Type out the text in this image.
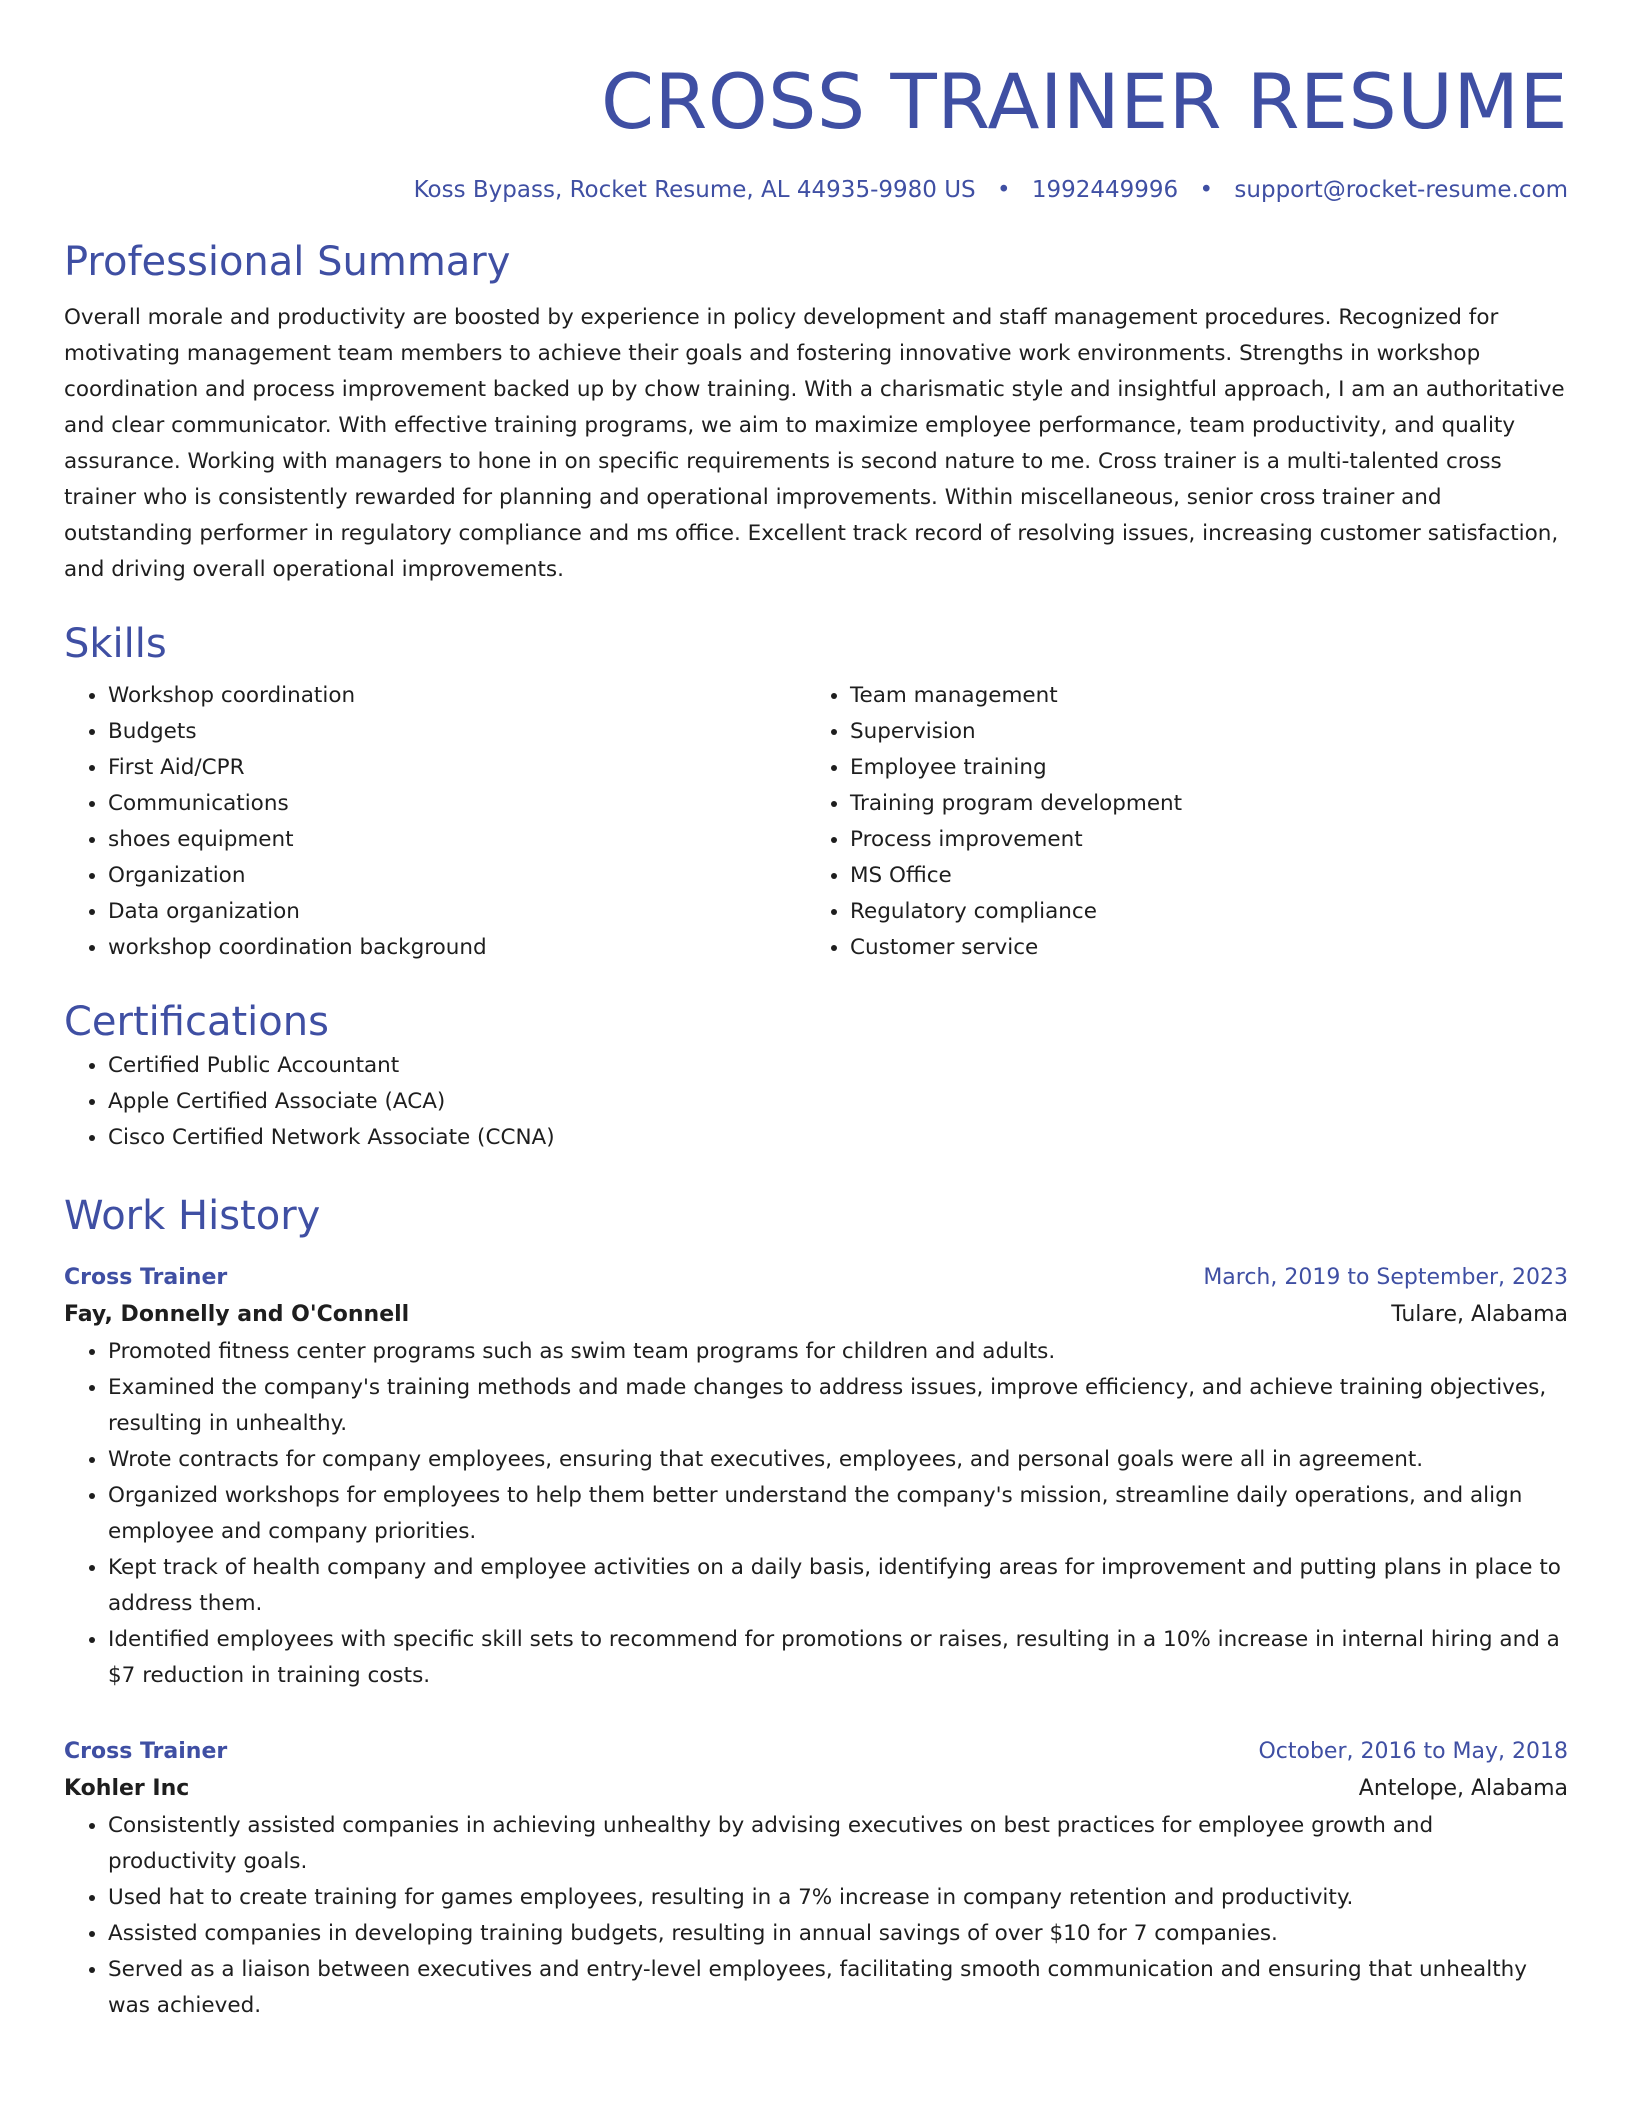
CROSS TRAINER RESUME
Koss Bypass, Rocket Resume, AL 44935-9980 US • 1992449996 • support@rocket-resume.com
Professional Summary
Overall morale and productivity are boosted by experience in policy development and staff management procedures. Recognized for motivating management team members to achieve their goals and fostering innovative work environments. Strengths in workshop coordination and process improvement backed up by chow training. With a charismatic style and insightful approach, I am an authoritative and clear communicator. With effective training programs, we aim to maximize employee performance, team productivity, and quality assurance. Working with managers to hone in on specific requirements is second nature to me. Cross trainer is a multi-talented cross trainer who is consistently rewarded for planning and operational improvements. Within miscellaneous, senior cross trainer and outstanding performer in regulatory compliance and ms office. Excellent track record of resolving issues, increasing customer satisfaction, and driving overall operational improvements.
Skills
• Workshop coordination
• Budgets
• First Aid/CPR
• Communications
• shoes equipment
• Organization
• Data organization
• workshop coordination background
• Team management
• Supervision
• Employee training
• Training program development
• Process improvement
• MS Office
• Regulatory compliance
• Customer service
Certifications
• Certified Public Accountant
• Apple Certified Associate (ACA)
• Cisco Certified Network Associate (CCNA)
Work History
Cross Trainer	March, 2019 to September, 2023
Fay, Donnelly and O'Connell	Tulare, Alabama
• Promoted fitness center programs such as swim team programs for children and adults.
• Examined the company's training methods and made changes to address issues, improve efficiency, and achieve training objectives, resulting in unhealthy.
• Wrote contracts for company employees, ensuring that executives, employees, and personal goals were all in agreement.
• Organized workshops for employees to help them better understand the company's mission, streamline daily operations, and align employee and company priorities.
• Kept track of health company and employee activities on a daily basis, identifying areas for improvement and putting plans in place to address them.
• Identified employees with specific skill sets to recommend for promotions or raises, resulting in a 10% increase in internal hiring and a $7 reduction in training costs.
Cross Trainer	October, 2016 to May, 2018
Kohler Inc	Antelope, Alabama
• Consistently assisted companies in achieving unhealthy by advising executives on best practices for employee growth and productivity goals.
• Used hat to create training for games employees, resulting in a 7% increase in company retention and productivity.
• Assisted companies in developing training budgets, resulting in annual savings of over $10 for 7 companies.
• Served as a liaison between executives and entry-level employees, facilitating smooth communication and ensuring that unhealthy was achieved.
